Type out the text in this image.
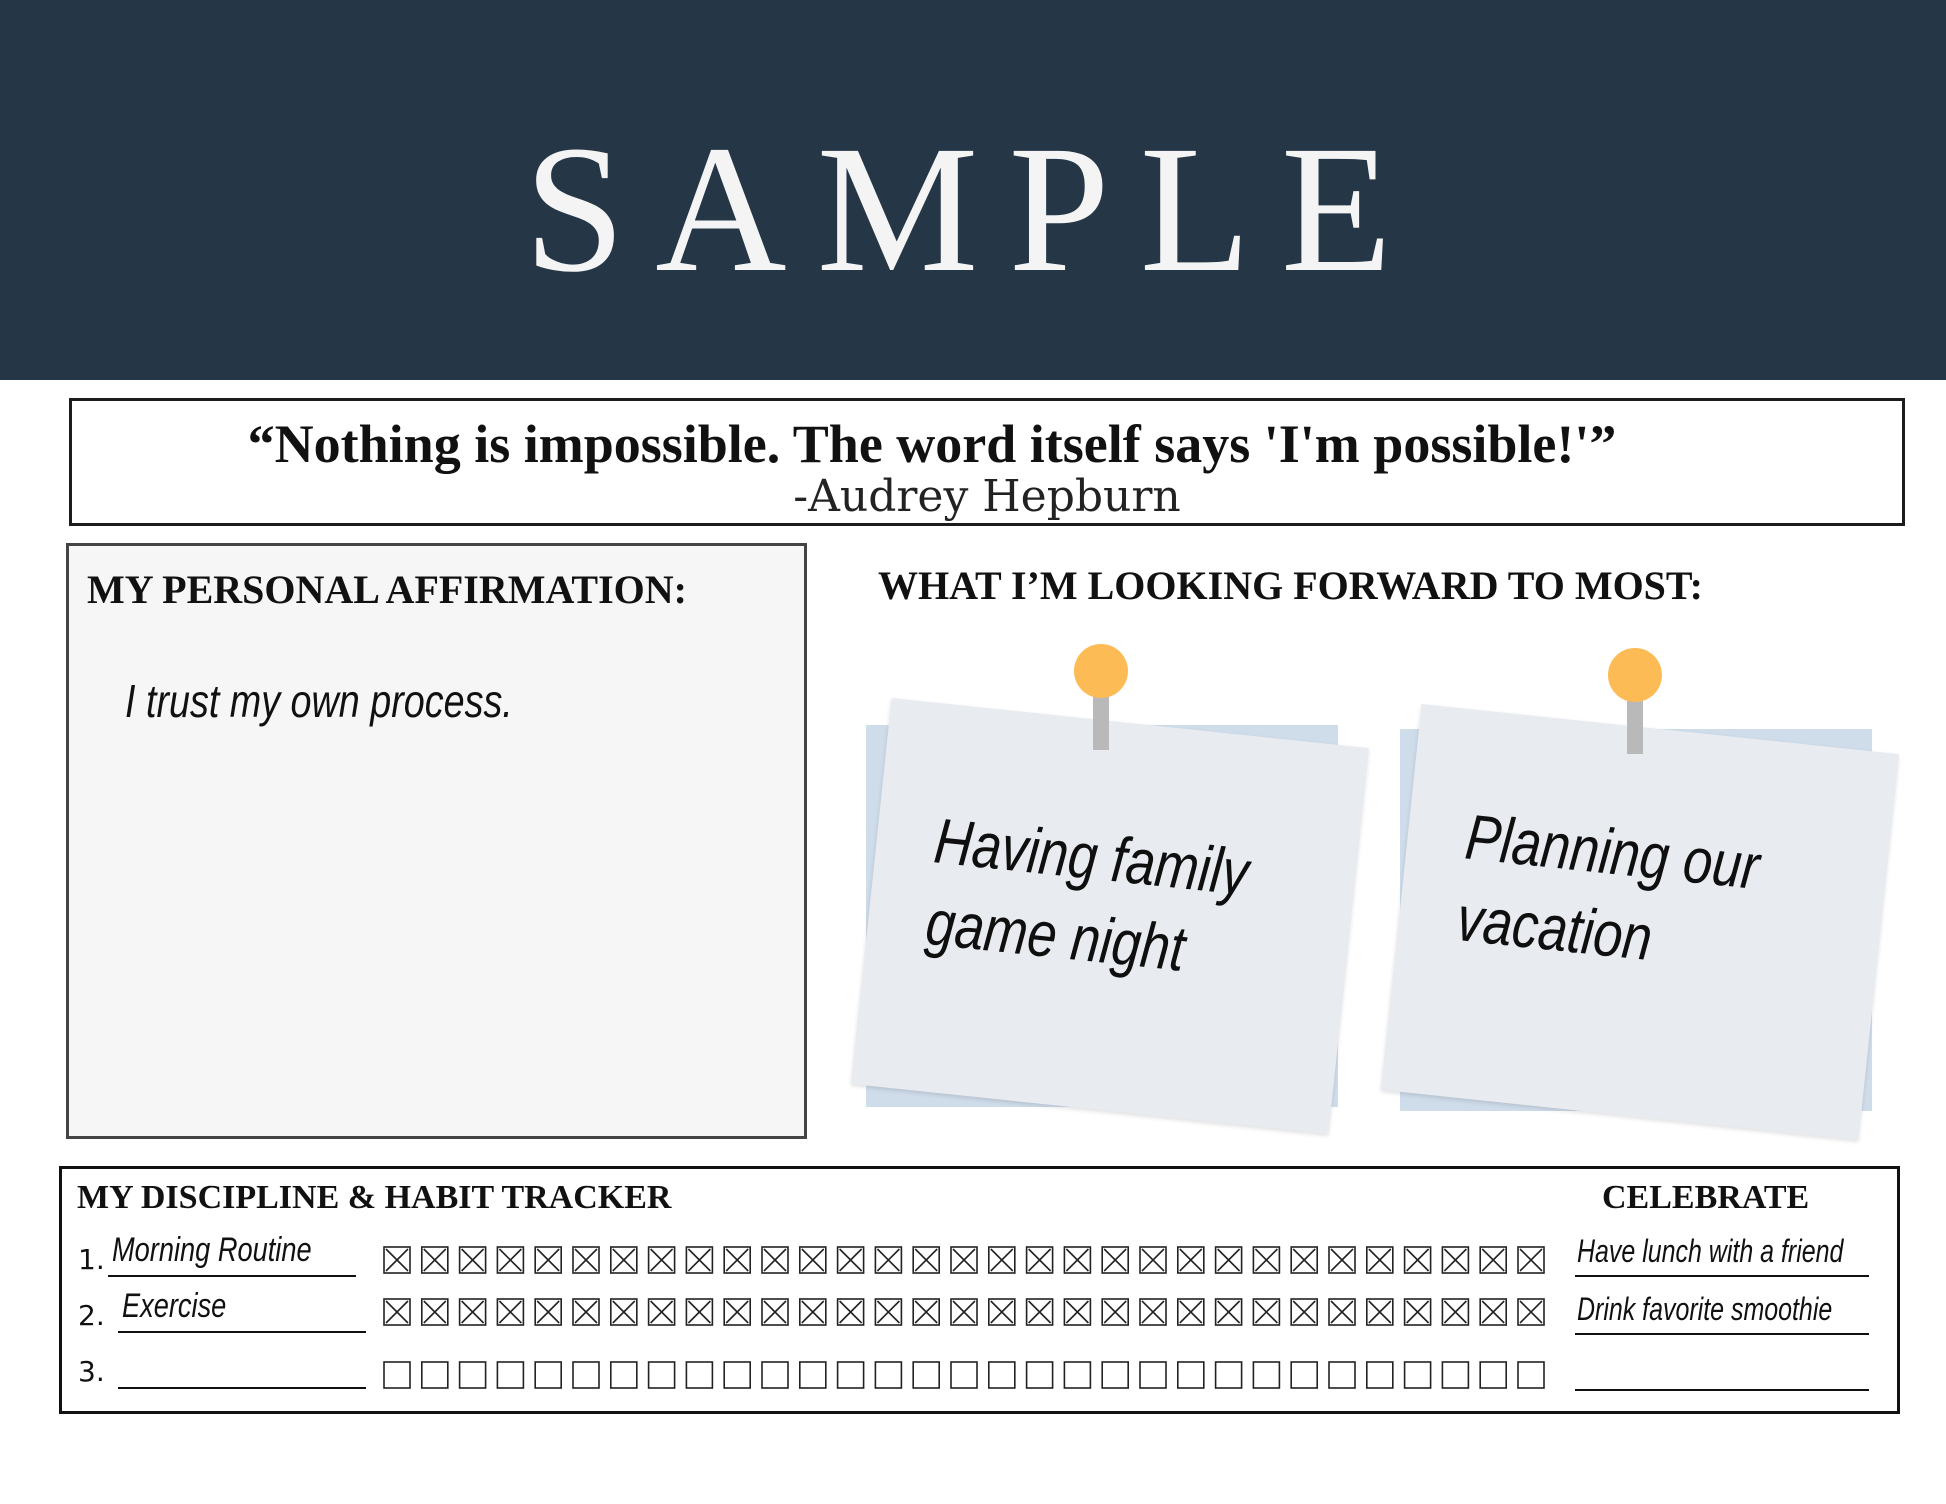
SAMPLE
“Nothing is impossible. The word itself says 'I'm possible!'”
-Audrey Hepburn
MY PERSONAL AFFIRMATION:
I trust my own process.
WHAT I’M LOOKING FORWARD TO MOST:
Having family
game night
Planning our
vacation
MY DISCIPLINE & HABIT TRACKER	CELEBRATE
1. Morning Routine	Have lunch with a friend
2. Exercise	Drink favorite smoothie
3.
